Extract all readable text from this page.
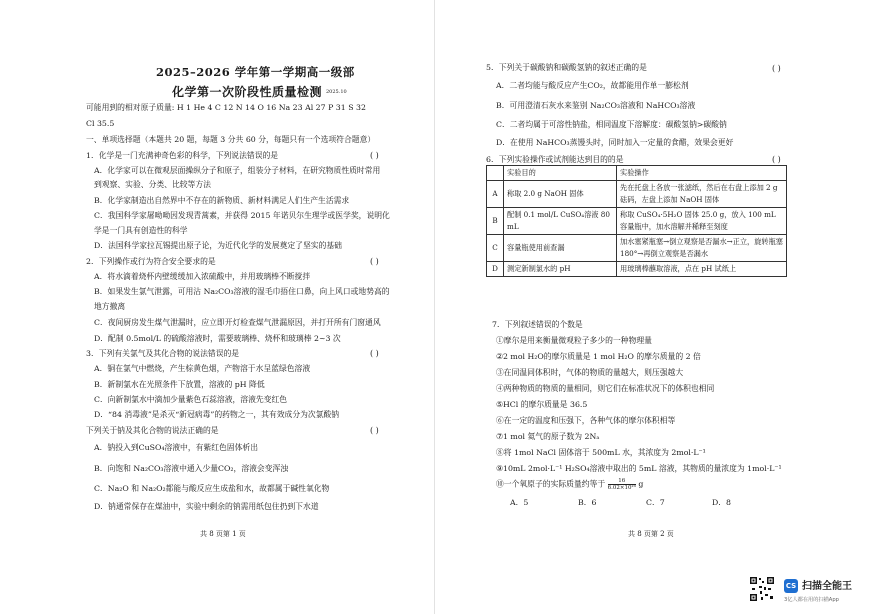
2025–2026 学年第一学期高一级部
化学第一次阶段性质量检测 2025.10
可能用到的相对原子质量: H 1 He 4 C 12 N 14 O 16 Na 23 Al 27 P 31 S 32
Cl 35.5
一、单项选择题（本题共 20 题，每题 3 分共 60 分，每题只有一个选项符合题意）
1．化学是一门充满神奇色彩的科学，下列说法错误的是	( )
A．化学家可以在微观层面操纵分子和原子，组装分子材料，在研究物质性质时常用
到观察、实验、分类、比较等方法
B．化学家制造出自然界中不存在的新物质、新材料满足人们生产生活需求
C．我国科学家屠呦呦因发现青蒿素，并获得 2015 年诺贝尔生理学或医学奖，说明化
学是一门具有创造性的科学
D．法国科学家拉瓦锡提出原子论，为近代化学的发展奠定了坚实的基础
2．下列操作或行为符合安全要求的是	( )
A．将水滴着烧杯内壁缓缓加入浓硫酸中，并用玻璃棒不断搅拌
B．如果发生氯气泄露，可用沾 Na₂CO₃溶液的湿毛巾捂住口鼻，向上风口或地势高的
地方撤离
C．夜间厨房发生煤气泄漏时，应立即开灯检查煤气泄漏原因，并打开所有门窗通风
D．配制 0.5mol/L 的硫酸溶液时，需要玻璃棒、烧杯和玻璃棒 2~3 次
3．下列有关氯气及其化合物的说法错误的是	( )
A．铜在氯气中燃烧，产生棕黄色烟，产物溶于水呈蓝绿色溶液
B．新制氯水在光照条件下放置，溶液的 pH 降低
C．向新制氯水中滴加少量紫色石蕊溶液，溶液先变红色
D．“84 消毒液”是杀灭“新冠病毒”的药物之一，其有效成分为次氯酸钠
下列关于钠及其化合物的说法正确的是	( )
A．钠投入到CuSO₄溶液中，有紫红色固体析出
B．向饱和 Na₂CO₃溶液中通入少量CO₂，溶液会变浑浊
C．Na₂O 和 Na₂O₂都能与酸反应生成盐和水，故都属于碱性氧化物
D．钠通常保存在煤油中，实验中剩余的钠需用纸包住扔到下水道
共 8 页第 1 页
5．下列关于碳酸钠和碳酸氢钠的叙述正确的是	( )
A．二者均能与酸反应产生CO₂，故都能用作单一膨松剂
B．可用澄清石灰水来鉴别 Na₂CO₃溶液和 NaHCO₃溶液
C．二者均属于可溶性钠盐，相同温度下溶解度：碳酸氢钠>碳酸钠
D．在使用 NaHCO₃蒸馒头时，同时加入一定量的食醋，效果会更好
6．下列实验操作或试剂能达到目的的是	( )
	实验目的	实验操作
A	称取 2.0 g NaOH 固体	先在托盘上各放一张滤纸，然后在右盘上添加 2 g 砝码，左盘上添加 NaOH 固体
B	配制 0.1 mol/L CuSO₄溶液 80 mL	称取 CuSO₄·5H₂O 固体 25.0 g，放入 100 mL 容量瓶中，加水溶解并稀释至刻度
C	容量瓶使用前查漏	加水塞紧瓶塞→倒立观察是否漏水→正立，旋转瓶塞 180°→再倒立观察是否漏水
D	测定新制氯水的 pH	用玻璃棒蘸取溶液，点在 pH 试纸上
7．下列叙述错误的个数是
①摩尔是用来衡量微观粒子多少的一种物理量
②2 mol H₂O的摩尔质量是 1 mol H₂O 的摩尔质量的 2 倍
③在同温同体积时，气体的物质的量越大，则压强越大
④两种物质的物质的量相同，则它们在标准状况下的体积也相同
⑤HCl 的摩尔质量是 36.5
⑥在一定的温度和压强下，各种气体的摩尔体积相等
⑦1 mol 氦气的原子数为 2Nₐ
⑧将 1mol NaCl 固体溶于 500mL 水，其浓度为 2mol·L⁻¹
⑨10mL 2mol·L⁻¹ H₂SO₄溶液中取出的 5mL 溶液，其物质的量浓度为 1mol·L⁻¹
⑩一个氧原子的实际质量约等于 $\frac{16}{\text{6.02×10²³}}$ g
A．5	B．6	C．7	D．8
共 8 页第 2 页
CS 扫描全能王
3亿人都在用的扫描App
